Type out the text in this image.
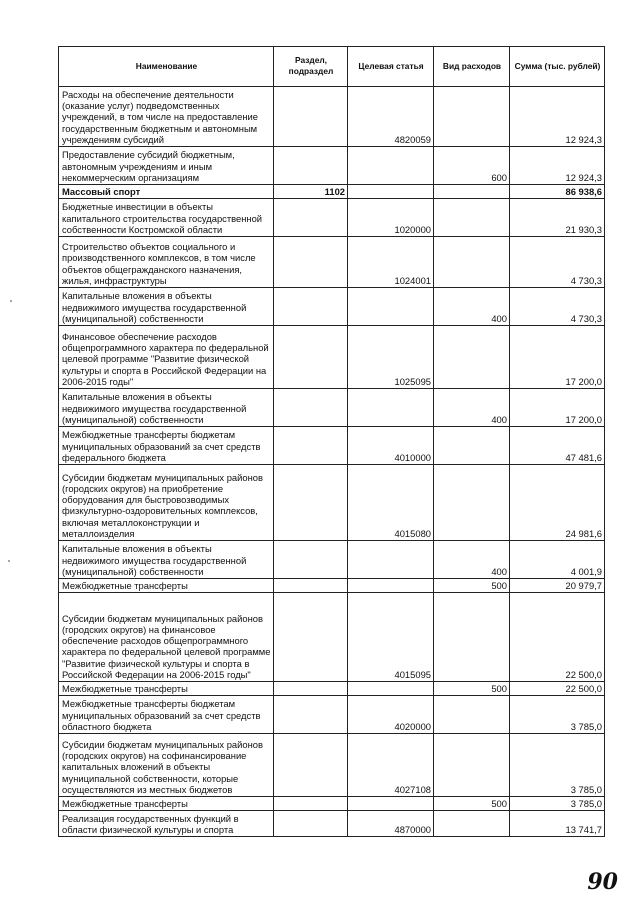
Наименование	Раздел, подраздел	Целевая статья	Вид расходов	Сумма (тыс. рублей)
Расходы на обеспечение деятельности (оказание услуг) подведомственных учреждений, в том числе на предоставление государственным бюджетным и автономным учреждениям субсидий		4820059		12 924,3
Предоставление субсидий бюджетным, автономным учреждениям и иным некоммерческим организациям			600	12 924,3
Массовый спорт	1102			86 938,6
Бюджетные инвестиции в объекты капитального строительства государственной собственности Костромской области		1020000		21 930,3
Строительство объектов социального и производственного комплексов, в том числе объектов общегражданского назначения, жилья, инфраструктуры		1024001		4 730,3
Капитальные вложения в объекты недвижимого имущества государственной (муниципальной) собственности			400	4 730,3
Финансовое обеспечение расходов общепрограммного характера по федеральной целевой программе "Развитие физической культуры и спорта в Российской Федерации на 2006-2015 годы"		1025095		17 200,0
Капитальные вложения в объекты недвижимого имущества государственной (муниципальной) собственности			400	17 200,0
Межбюджетные трансферты бюджетам муниципальных образований за счет средств федерального бюджета		4010000		47 481,6
Субсидии бюджетам муниципальных районов (городских округов) на приобретение оборудования для быстровозводимых физкультурно-оздоровительных комплексов, включая металлоконструкции и металлоизделия		4015080		24 981,6
Капитальные вложения в объекты недвижимого имущества государственной (муниципальной) собственности			400	4 001,9
Межбюджетные трансферты			500	20 979,7
Субсидии бюджетам муниципальных районов (городских округов) на финансовое обеспечение расходов общепрограммного характера по федеральной целевой программе "Развитие физической культуры и спорта в Российской Федерации на 2006-2015 годы"		4015095		22 500,0
Межбюджетные трансферты			500	22 500,0
Межбюджетные трансферты бюджетам муниципальных образований за счет средств областного бюджета		4020000		3 785,0
Субсидии бюджетам муниципальных районов (городских округов) на софинансирование капитальных вложений в объекты муниципальной собственности, которые осуществляются из местных бюджетов		4027108		3 785,0
Межбюджетные трансферты			500	3 785,0
Реализация государственных функций в области физической культуры и спорта		4870000		13 741,7
90
